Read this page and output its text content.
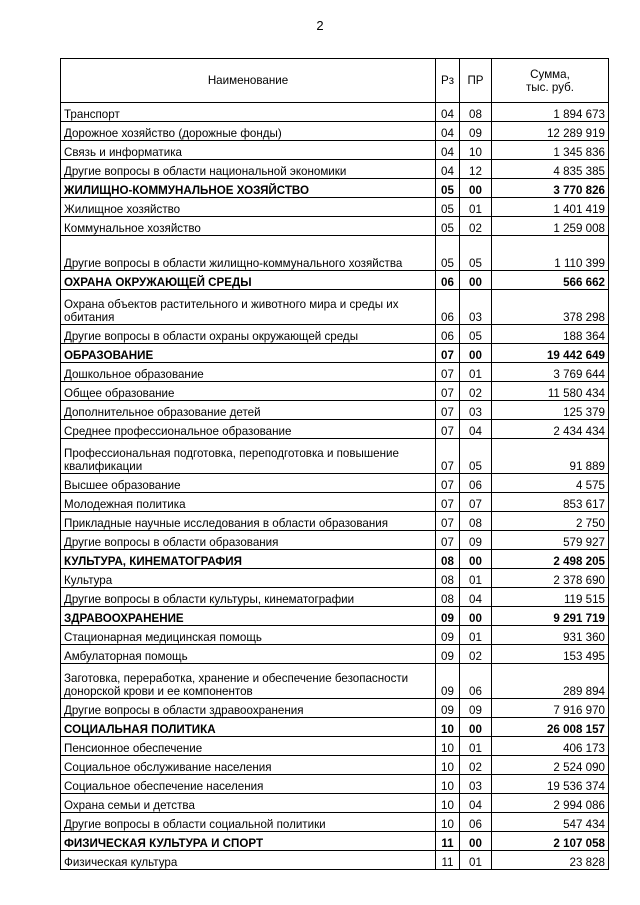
2
Наименование	Рз	ПР	Сумма,
тыс. руб.
Транспорт	04	08	1 894 673
Дорожное хозяйство (дорожные фонды)	04	09	12 289 919
Связь и информатика	04	10	1 345 836
Другие вопросы в области национальной экономики	04	12	4 835 385
ЖИЛИЩНО-КОММУНАЛЬНОЕ ХОЗЯЙСТВО	05	00	3 770 826
Жилищное хозяйство	05	01	1 401 419
Коммунальное хозяйство	05	02	1 259 008
Другие вопросы в области жилищно-коммунального хозяйства	05	05	1 110 399
ОХРАНА ОКРУЖАЮЩЕЙ СРЕДЫ	06	00	566 662
Охрана объектов растительного и животного мира и среды их обитания	06	03	378 298
Другие вопросы в области охраны окружающей среды	06	05	188 364
ОБРАЗОВАНИЕ	07	00	19 442 649
Дошкольное образование	07	01	3 769 644
Общее образование	07	02	11 580 434
Дополнительное образование детей	07	03	125 379
Среднее профессиональное образование	07	04	2 434 434
Профессиональная подготовка, переподготовка и повышение квалификации	07	05	91 889
Высшее образование	07	06	4 575
Молодежная политика	07	07	853 617
Прикладные научные исследования в области образования	07	08	2 750
Другие вопросы в области образования	07	09	579 927
КУЛЬТУРА, КИНЕМАТОГРАФИЯ	08	00	2 498 205
Культура	08	01	2 378 690
Другие вопросы в области культуры, кинематографии	08	04	119 515
ЗДРАВООХРАНЕНИЕ	09	00	9 291 719
Стационарная медицинская помощь	09	01	931 360
Амбулаторная помощь	09	02	153 495
Заготовка, переработка, хранение и обеспечение безопасности донорской крови и ее компонентов	09	06	289 894
Другие вопросы в области здравоохранения	09	09	7 916 970
СОЦИАЛЬНАЯ ПОЛИТИКА	10	00	26 008 157
Пенсионное обеспечение	10	01	406 173
Социальное обслуживание населения	10	02	2 524 090
Социальное обеспечение населения	10	03	19 536 374
Охрана семьи и детства	10	04	2 994 086
Другие вопросы в области социальной политики	10	06	547 434
ФИЗИЧЕСКАЯ КУЛЬТУРА И СПОРТ	11	00	2 107 058
Физическая культура	11	01	23 828
